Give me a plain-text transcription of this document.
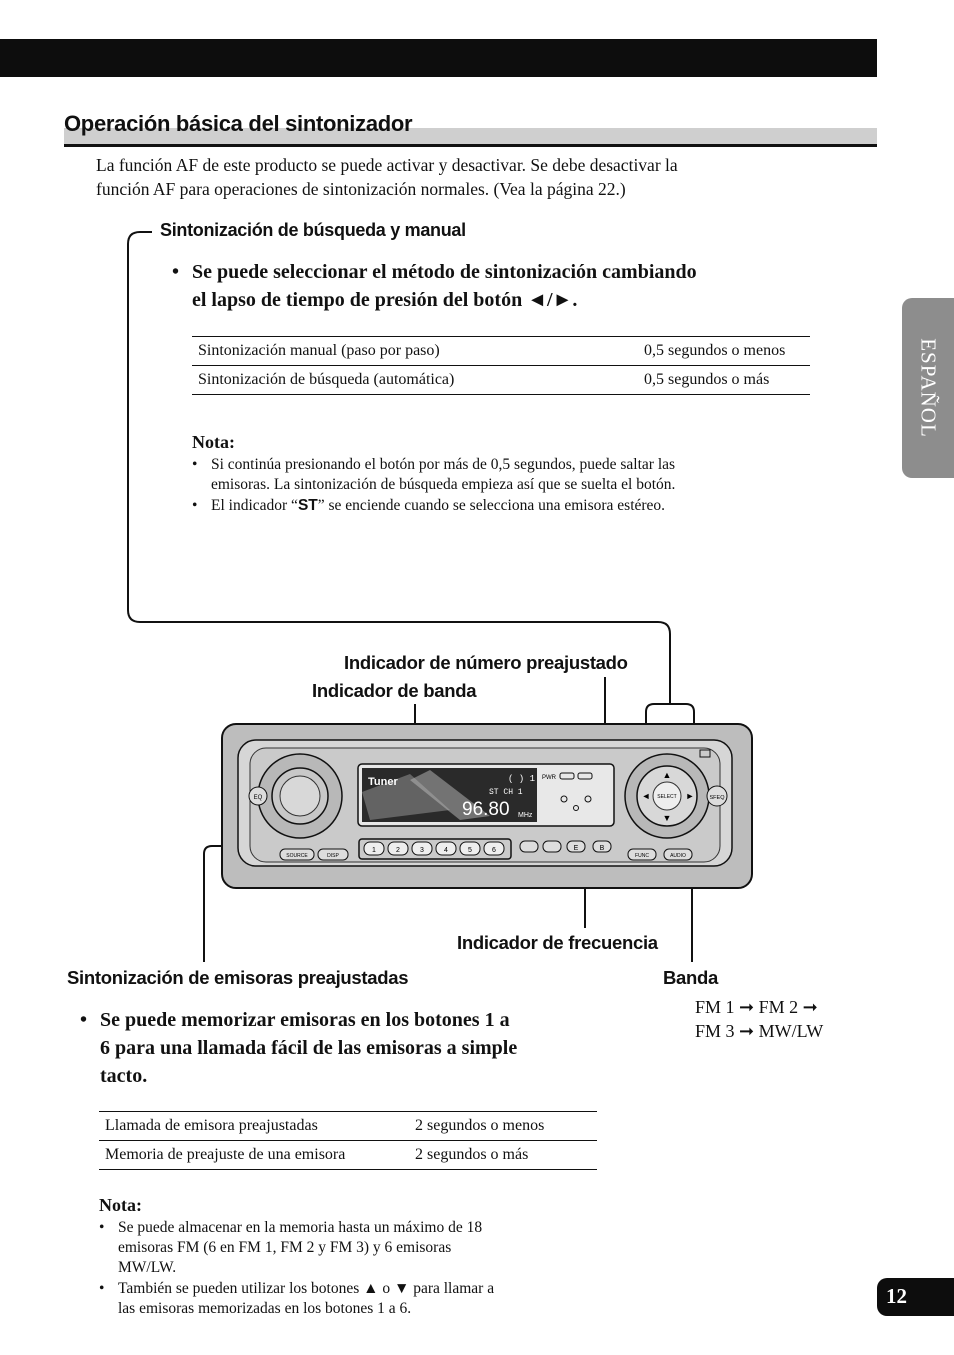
Operación básica del sintonizador
La función AF de este producto se puede activar y desactivar. Se debe desactivar la
función AF para operaciones de sintonización normales. (Vea la página 22.)
Sintonización de búsqueda y manual
• Se puede seleccionar el método de sintonización cambiando
el lapso de tiempo de presión del botón ◄/►.
Sintonización manual (paso por paso)	0,5 segundos o menos
Sintonización de búsqueda (automática)	0,5 segundos o más
Nota:
• Si continúa presionando el botón por más de 0,5 segundos, puede saltar las
emisoras. La sintonización de búsqueda empieza así que se suelta el botón.
• El indicador “ST” se enciende cuando se selecciona una emisora estéreo.
Indicador de número preajustado
Indicador de banda
EQ
Tuner	( ) 1
ST CH 1
96.80 MHz
PWR
SELECT
▲
▼
◄	►	SFEQ
SOURCE	DISP
1	2	3	4	5	6	E	B
FUNC	AUDIO
Indicador de frecuencia
Sintonización de emisoras preajustadas	Banda
FM 1 ➞ FM 2 ➞
FM 3 ➞ MW/LW
• Se puede memorizar emisoras en los botones 1 a
6 para una llamada fácil de las emisoras a simple
tacto.
Llamada de emisora preajustadas	2 segundos o menos
Memoria de preajuste de una emisora	2 segundos o más
Nota:
• Se puede almacenar en la memoria hasta un máximo de 18
emisoras FM (6 en FM 1, FM 2 y FM 3) y 6 emisoras
MW/LW.
• También se pueden utilizar los botones ▲ o ▼ para llamar a
las emisoras memorizadas en los botones 1 a 6.
ESPAÑOL
12
